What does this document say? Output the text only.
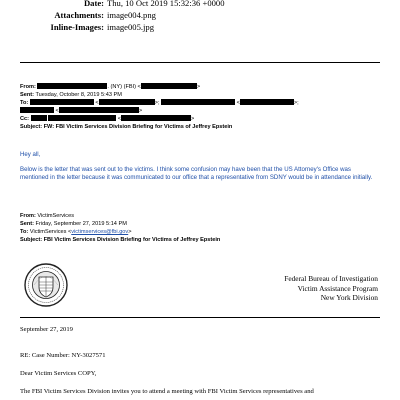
Date: Thu, 10 Oct 2019 15:32:36 +0000
Attachments: image004.png
Inline-Images: image005.jpg
From:	. (NY) (FBI) <	>
Sent: Tuesday, October 8, 2019 5:43 PM
To:	<	>;	<	>;
<	>
Cc:	<	>
Subject: FW: FBI Victim Services Division Briefing for Victims of Jeffrey Epstein

Hey all,

Below is the letter that was sent out to the victims. I think some confusion may have been that the US Attorney's Office was mentioned in the letter because it was communicated to our office that a representative from SDNY would be in attendance initially.

From: VictimServices
Sent: Friday, September 27, 2019 5:14 PM
To: VictimServices <victimservices@fbi.gov>
Subject: FBI Victim Services Division Briefing for Victims of Jeffrey Epstein
Federal Bureau of Investigation
Victim Assistance Program
New York Division

September 27, 2019

RE: Case Number: NY-3027571

Dear Victim Services COPY,

The FBI Victim Services Division invites you to attend a meeting with FBI Victim Services representatives and
